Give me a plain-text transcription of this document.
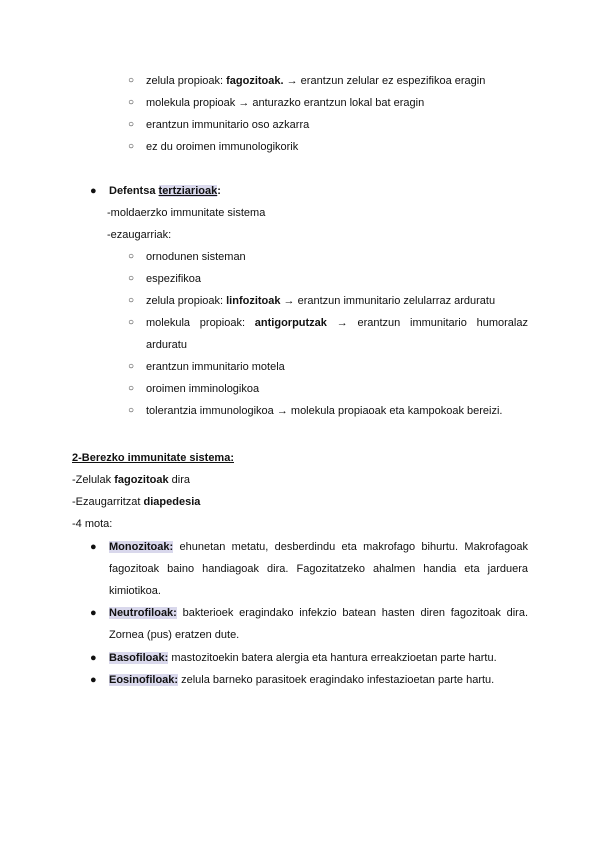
○ zelula propioak: fagozitoak. → erantzun zelular ez espezifikoa eragin
○ molekula propioak → anturazko erantzun lokal bat eragin
○ erantzun immunitario oso azkarra
○ ez du oroimen immunologikorik
● Defentsa tertziarioak:
-moldaerzko immunitate sistema
-ezaugarriak:
○ ornodunen sisteman
○ espezifikoa
○ zelula propioak: linfozitoak → erantzun immunitario zelularraz arduratu
○ molekula propioak: antigorputzak → erantzun immunitario humoralaz
arduratu
○ erantzun immunitario motela
○ oroimen imminologikoa
○ tolerantzia immunologikoa → molekula propiaoak eta kampokoak bereizi.
2-Berezko immunitate sistema:
-Zelulak fagozitoak dira
-Ezaugarritzat diapedesia
-4 mota:
● Monozitoak: ehunetan metatu, desberdindu eta makrofago bihurtu. Makrofagoak
fagozitoak baino handiagoak dira. Fagozitatzeko ahalmen handia eta jarduera
kimiotikoa.
● Neutrofiloak: bakterioek eragindako infekzio batean hasten diren fagozitoak dira.
Zornea (pus) eratzen dute.
● Basofiloak: mastozitoekin batera alergia eta hantura erreakzioetan parte hartu.
● Eosinofiloak: zelula barneko parasitoek eragindako infestazioetan parte hartu.
